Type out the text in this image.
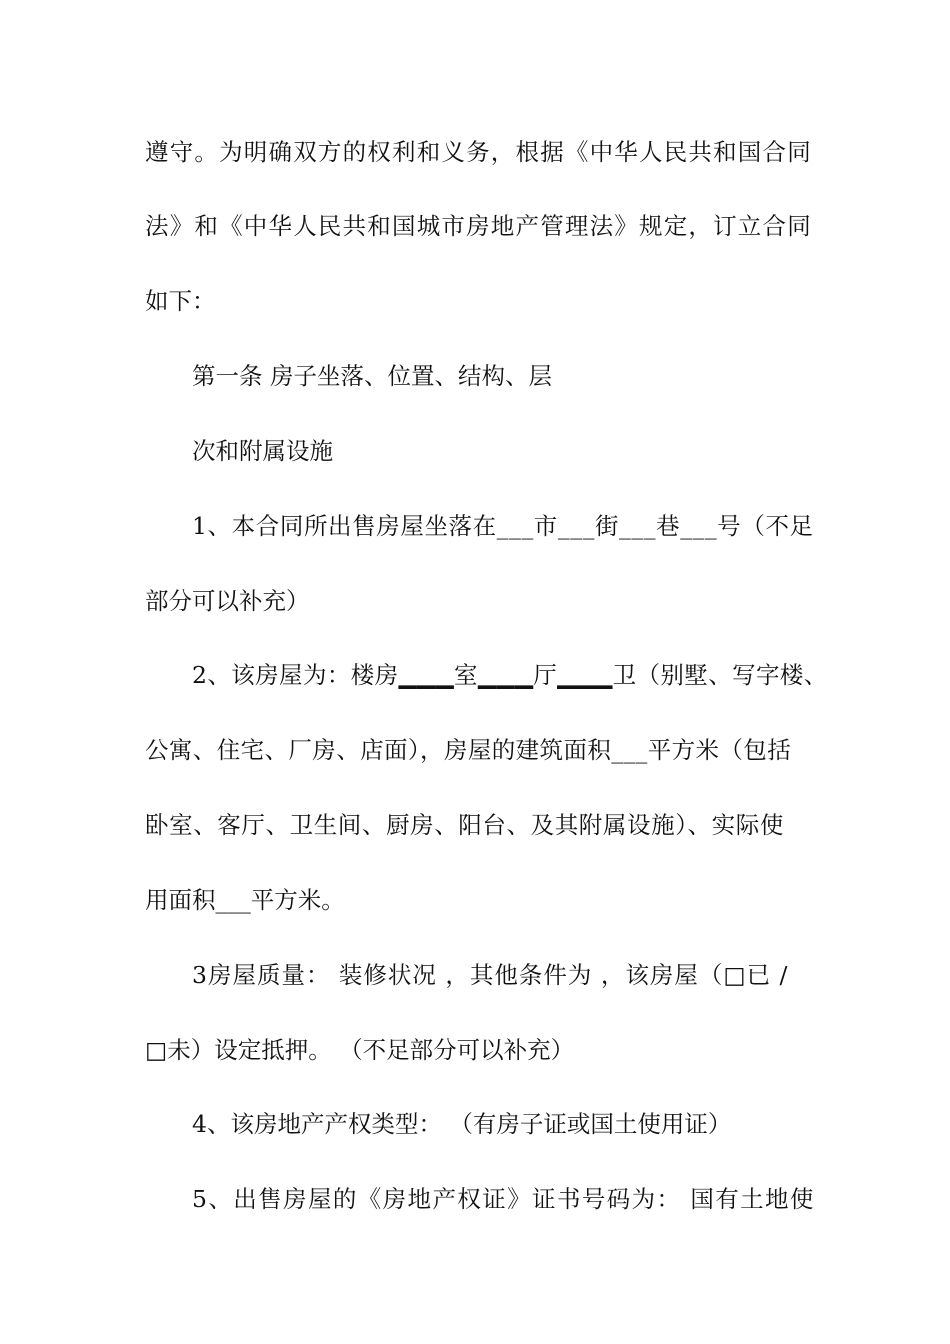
遵守。为明确双方的权利和义务，根据《中华人民共和国合同
法》和《中华人民共和国城市房地产管理法》规定，订立合同
如下：
第一条 房子坐落、位置、结构、层
次和附属设施
1、本合同所出售房屋坐落在___市___街___巷___号（不足
部分可以补充）
2、该房屋为：楼房▁▁▁室▁▁▁厅▁▁▁卫（别墅、写字楼、
公寓、住宅、厂房、店面），房屋的建筑面积___平方米（包括
卧室、客厅、卫生间、厨房、阳台、及其附属设施）、实际使
用面积___平方米。
3房屋质量： 装修状况 ，其他条件为 ，该房屋（□已 /
□未）设定抵押。 （不足部分可以补充）
4、该房地产产权类型： （有房子证或国土使用证）
5、出售房屋的《房地产权证》证书号码为： 国有土地使
